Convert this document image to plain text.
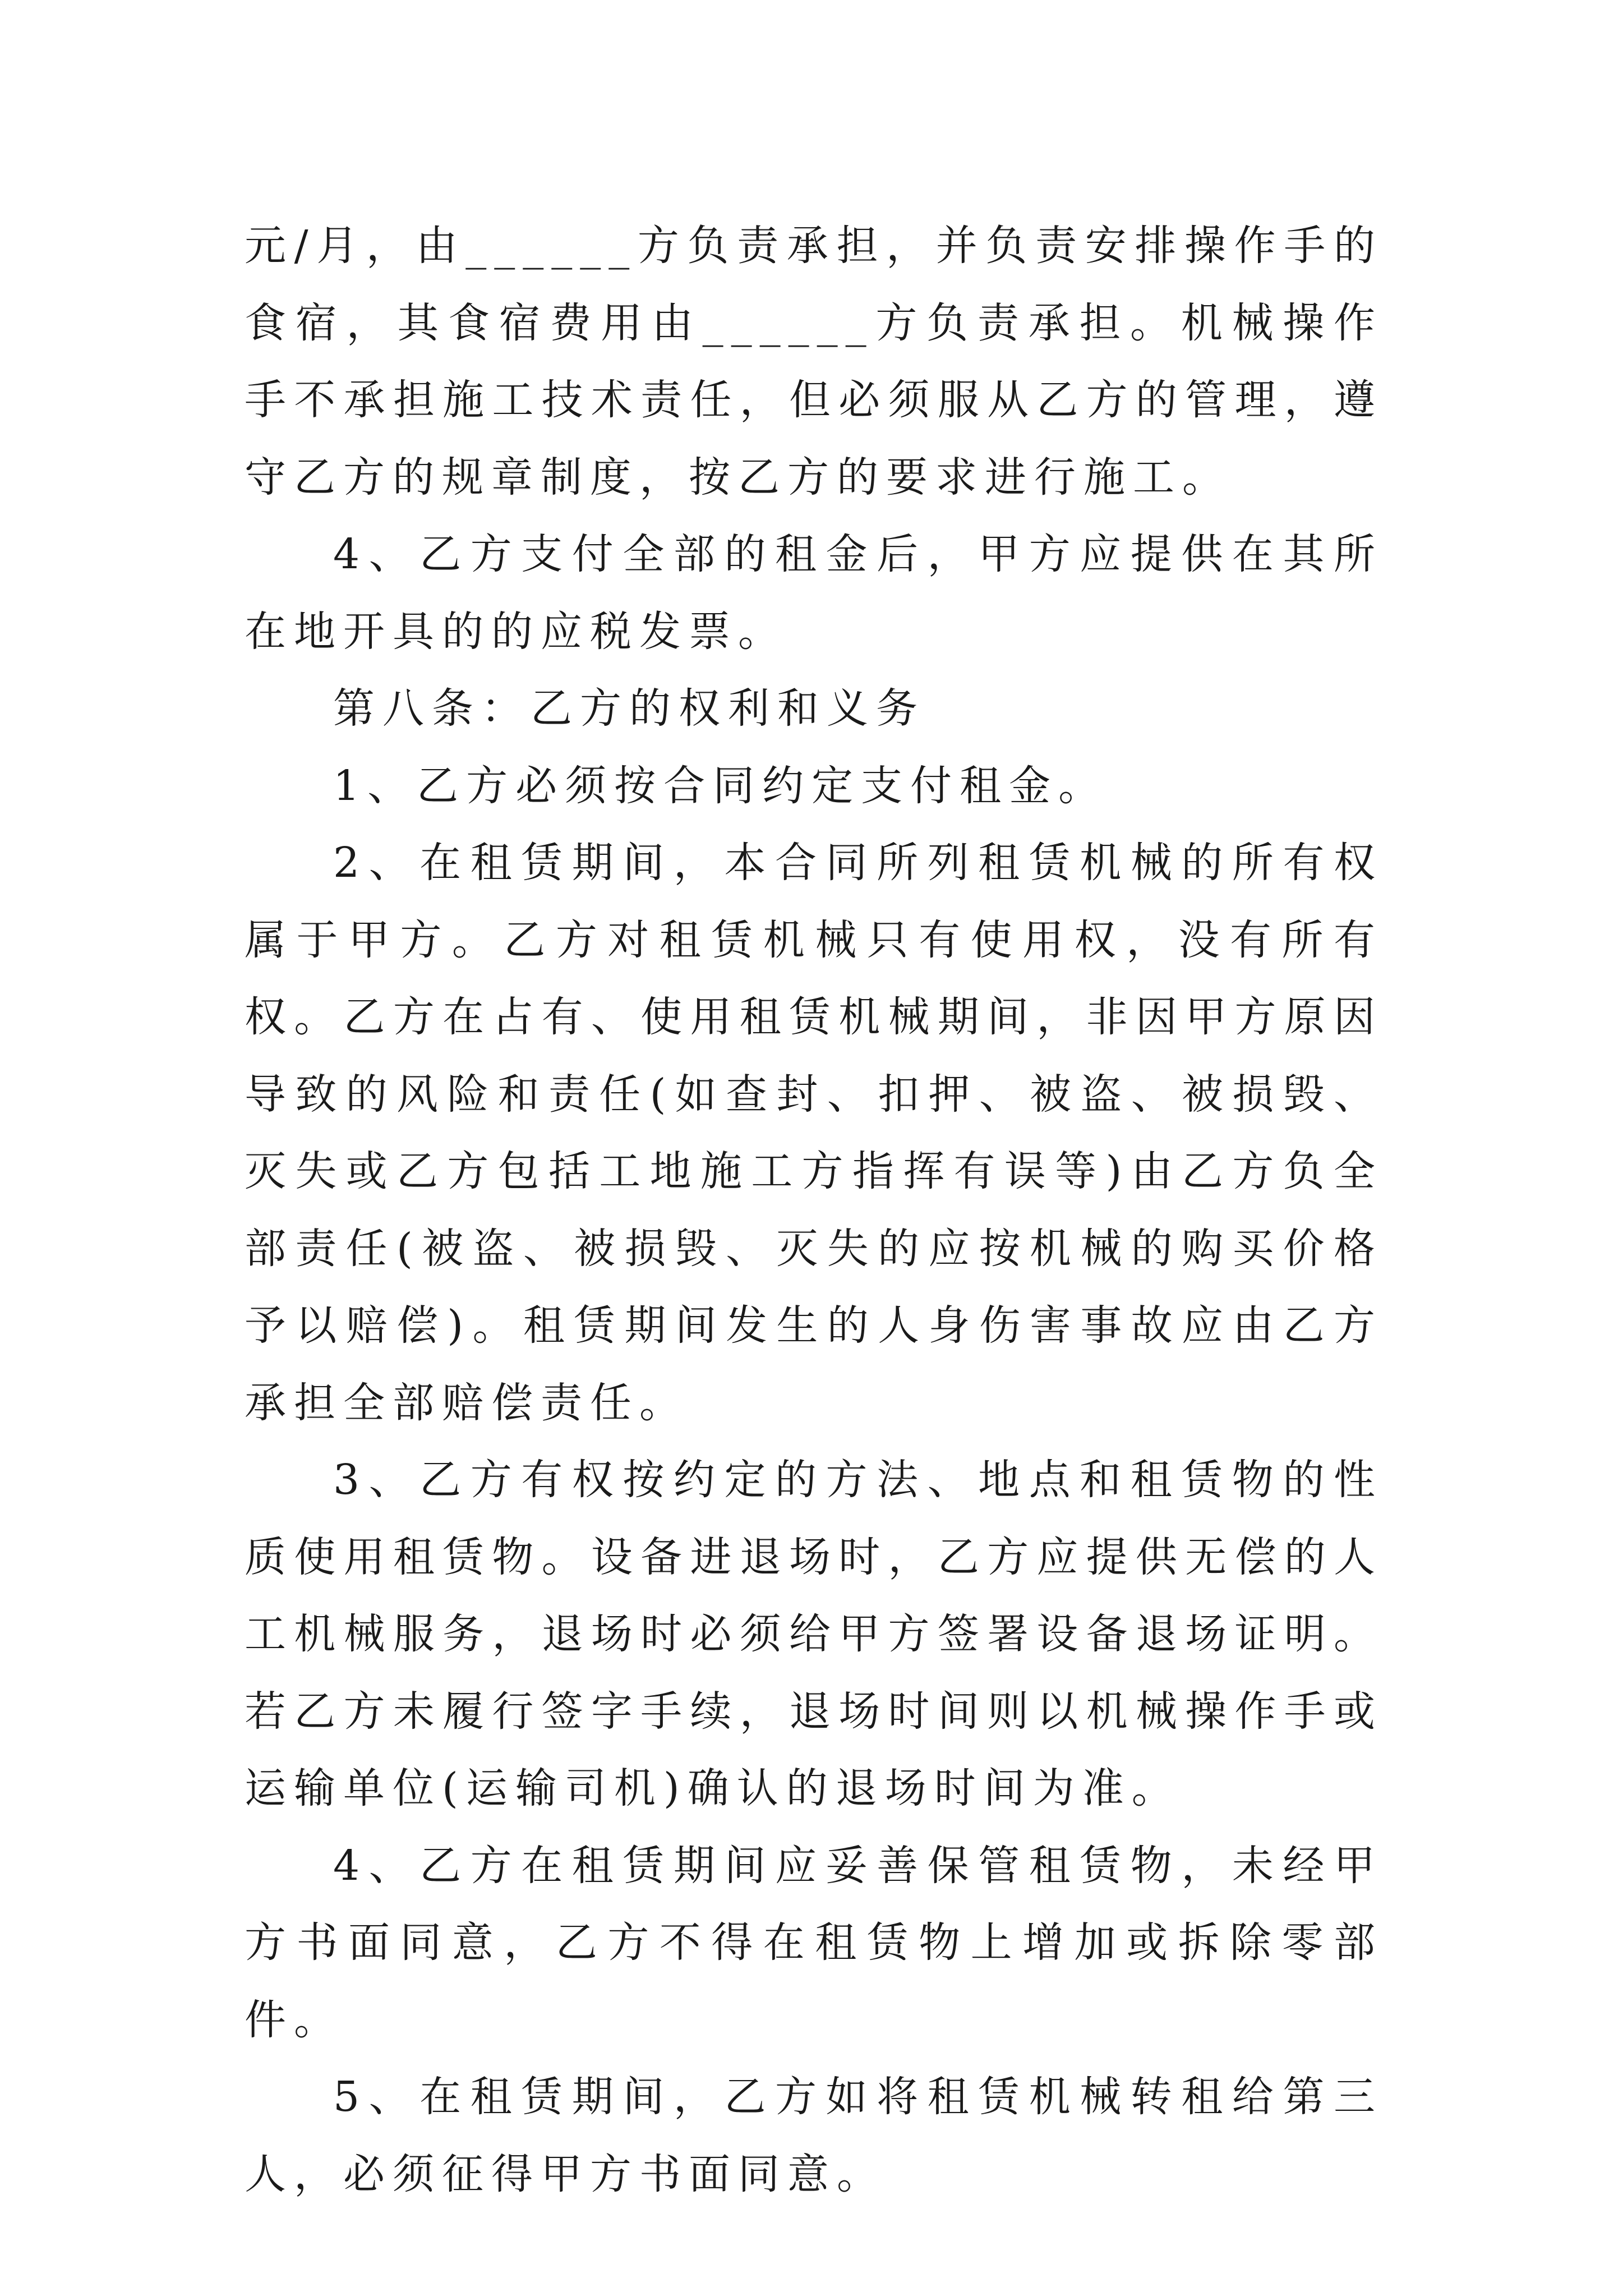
元/月，由______方负责承担，并负责安排操作手的食宿，其食宿费用由______方负责承担。机械操作手不承担施工技术责任，但必须服从乙方的管理，遵守乙方的规章制度，按乙方的要求进行施工。

4、乙方支付全部的租金后，甲方应提供在其所在地开具的的应税发票。

第八条：乙方的权利和义务

1、乙方必须按合同约定支付租金。

2、在租赁期间，本合同所列租赁机械的所有权属于甲方。乙方对租赁机械只有使用权，没有所有权。乙方在占有、使用租赁机械期间，非因甲方原因导致的风险和责任(如查封、扣押、被盗、被损毁、灭失或乙方包括工地施工方指挥有误等)由乙方负全部责任(被盗、被损毁、灭失的应按机械的购买价格予以赔偿)。租赁期间发生的人身伤害事故应由乙方承担全部赔偿责任。

3、乙方有权按约定的方法、地点和租赁物的性质使用租赁物。设备进退场时，乙方应提供无偿的人工机械服务，退场时必须给甲方签署设备退场证明。若乙方未履行签字手续，退场时间则以机械操作手或运输单位(运输司机)确认的退场时间为准。

4、乙方在租赁期间应妥善保管租赁物，未经甲方书面同意，乙方不得在租赁物上增加或拆除零部件。

5、在租赁期间，乙方如将租赁机械转租给第三人，必须征得甲方书面同意。
